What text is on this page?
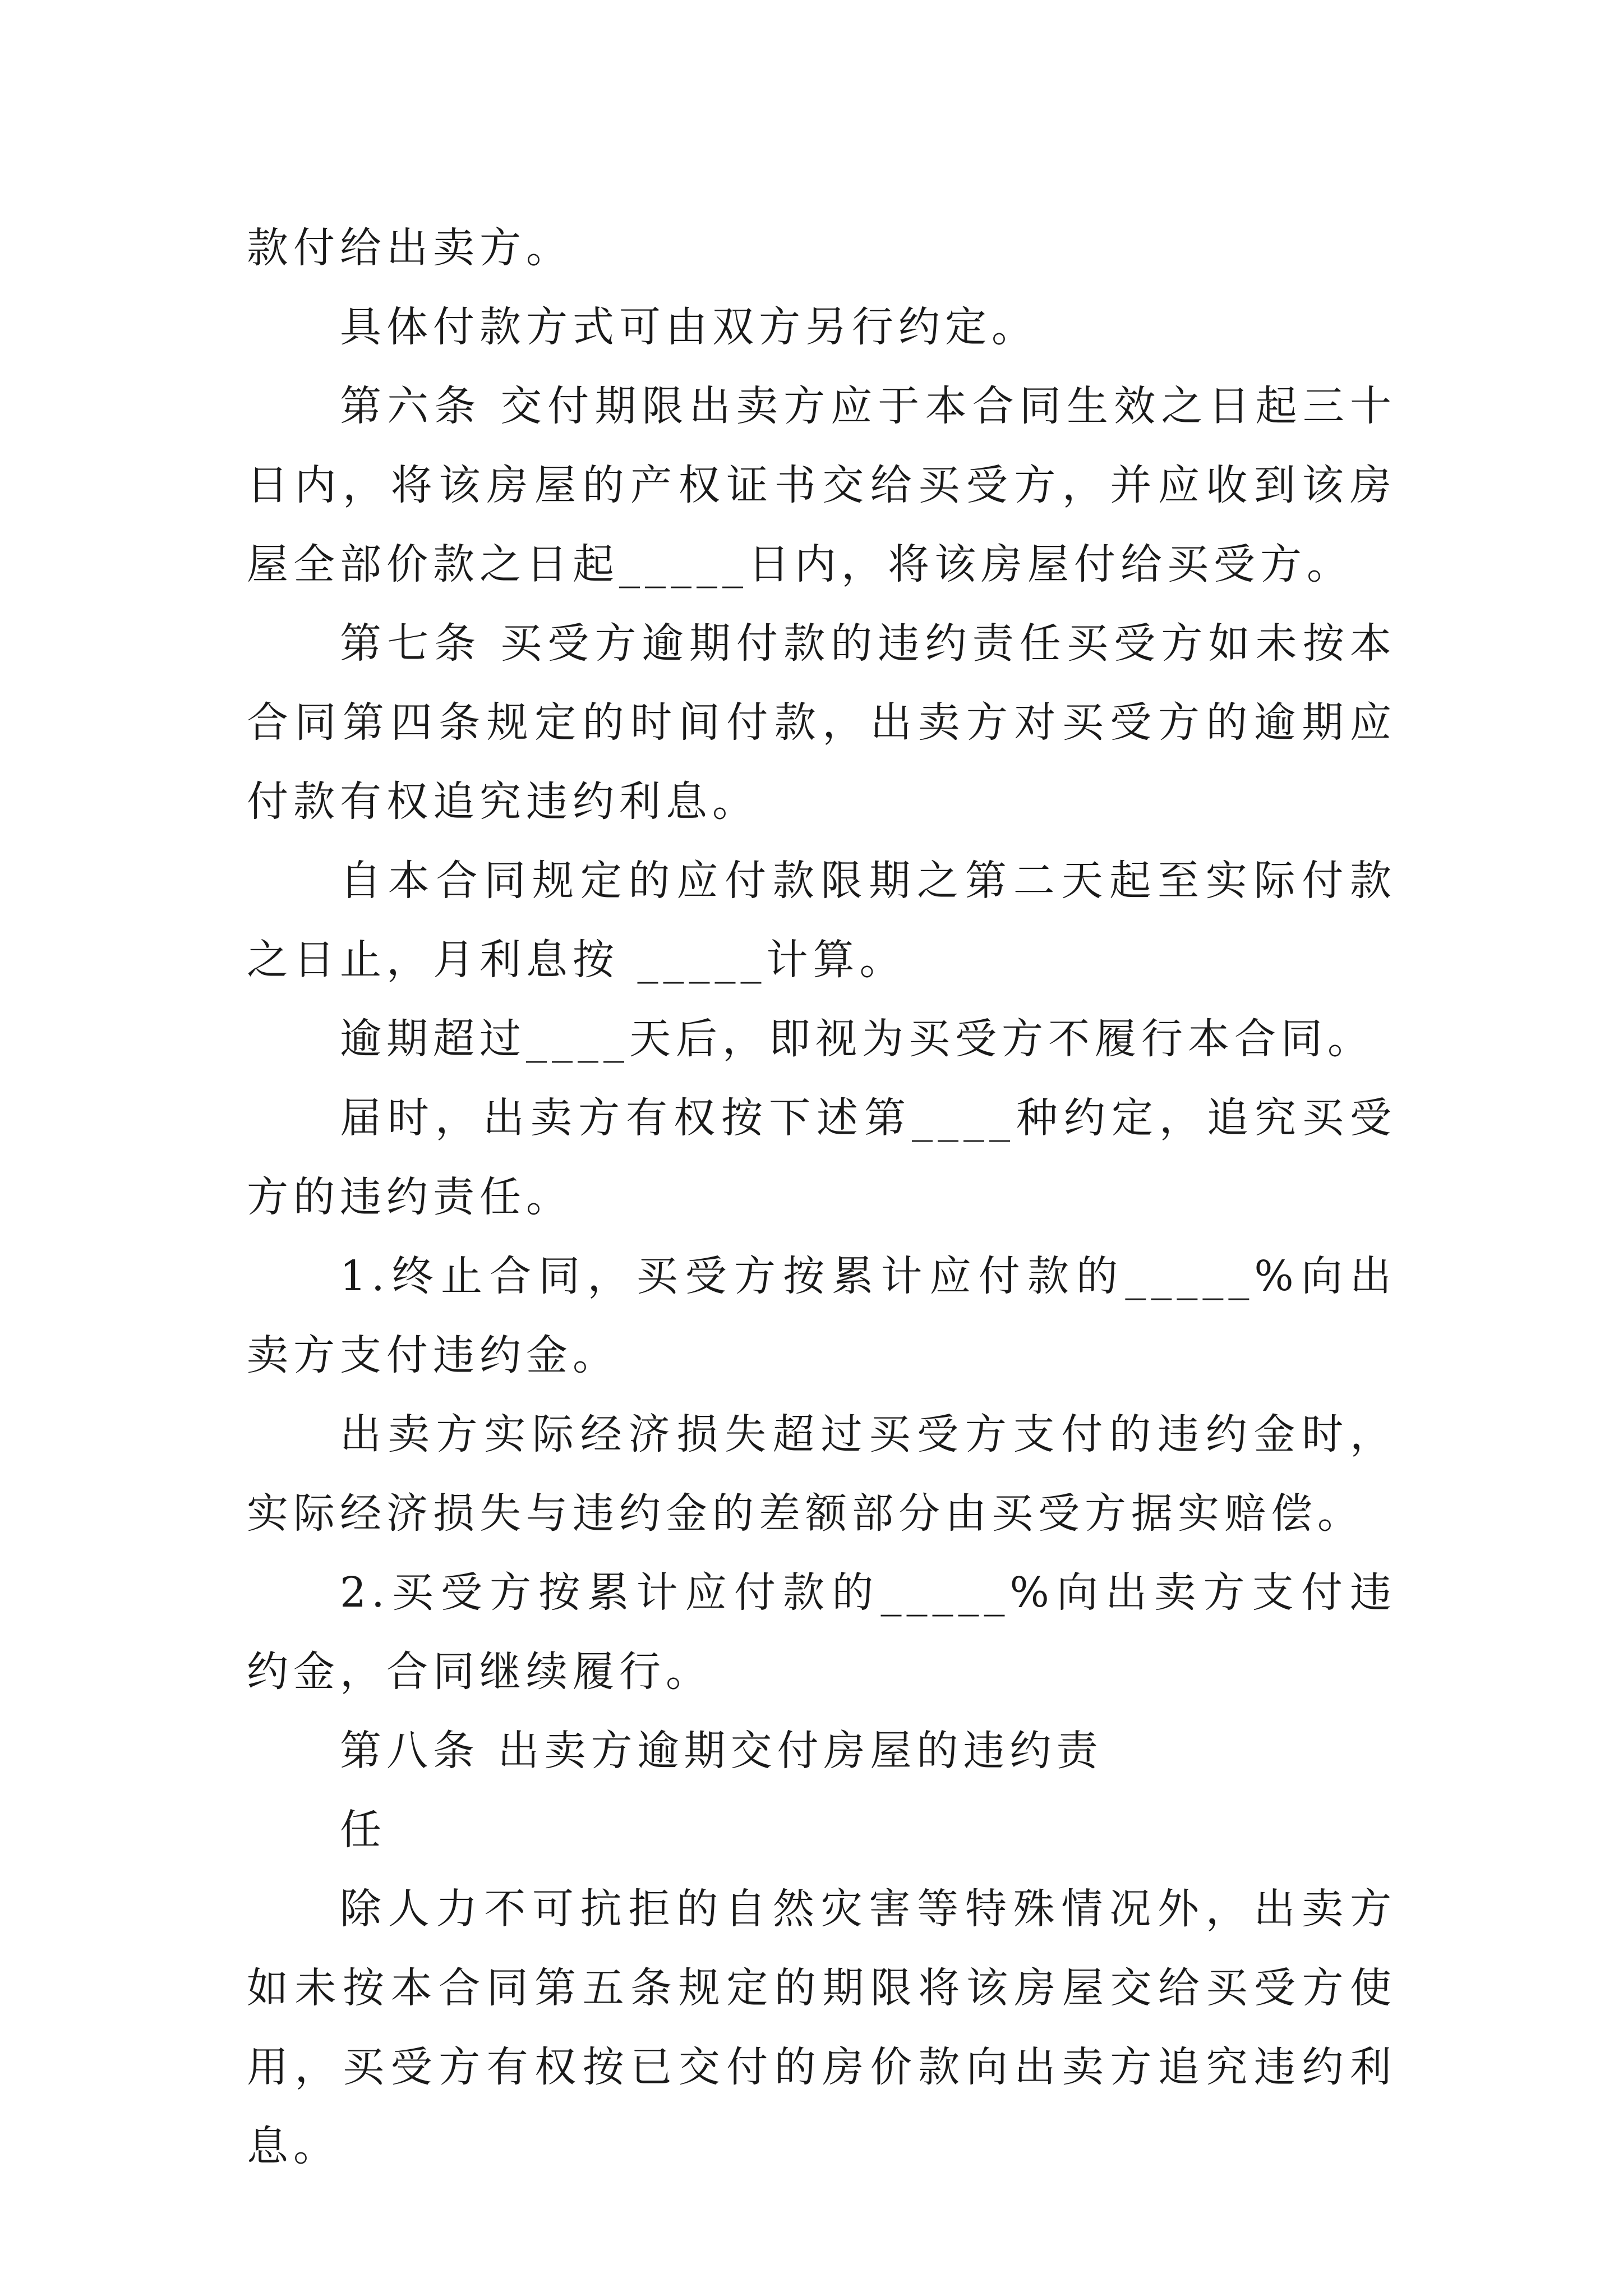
款付给出卖方。

具体付款方式可由双方另行约定。

第六条 交付期限出卖方应于本合同生效之日起三十日内，将该房屋的产权证书交给买受方，并应收到该房屋全部价款之日起_____日内，将该房屋付给买受方。

第七条 买受方逾期付款的违约责任买受方如未按本合同第四条规定的时间付款，出卖方对买受方的逾期应付款有权追究违约利息。

自本合同规定的应付款限期之第二天起至实际付款之日止，月利息按 _____计算。

逾期超过____天后，即视为买受方不履行本合同。

届时，出卖方有权按下述第____种约定，追究买受方的违约责任。

1.终止合同，买受方按累计应付款的_____%向出卖方支付违约金。

出卖方实际经济损失超过买受方支付的违约金时，实际经济损失与违约金的差额部分由买受方据实赔偿。

2.买受方按累计应付款的_____%向出卖方支付违约金，合同继续履行。

第八条 出卖方逾期交付房屋的违约责

任

除人力不可抗拒的自然灾害等特殊情况外，出卖方如未按本合同第五条规定的期限将该房屋交给买受方使用，买受方有权按已交付的房价款向出卖方追究违约利息。
